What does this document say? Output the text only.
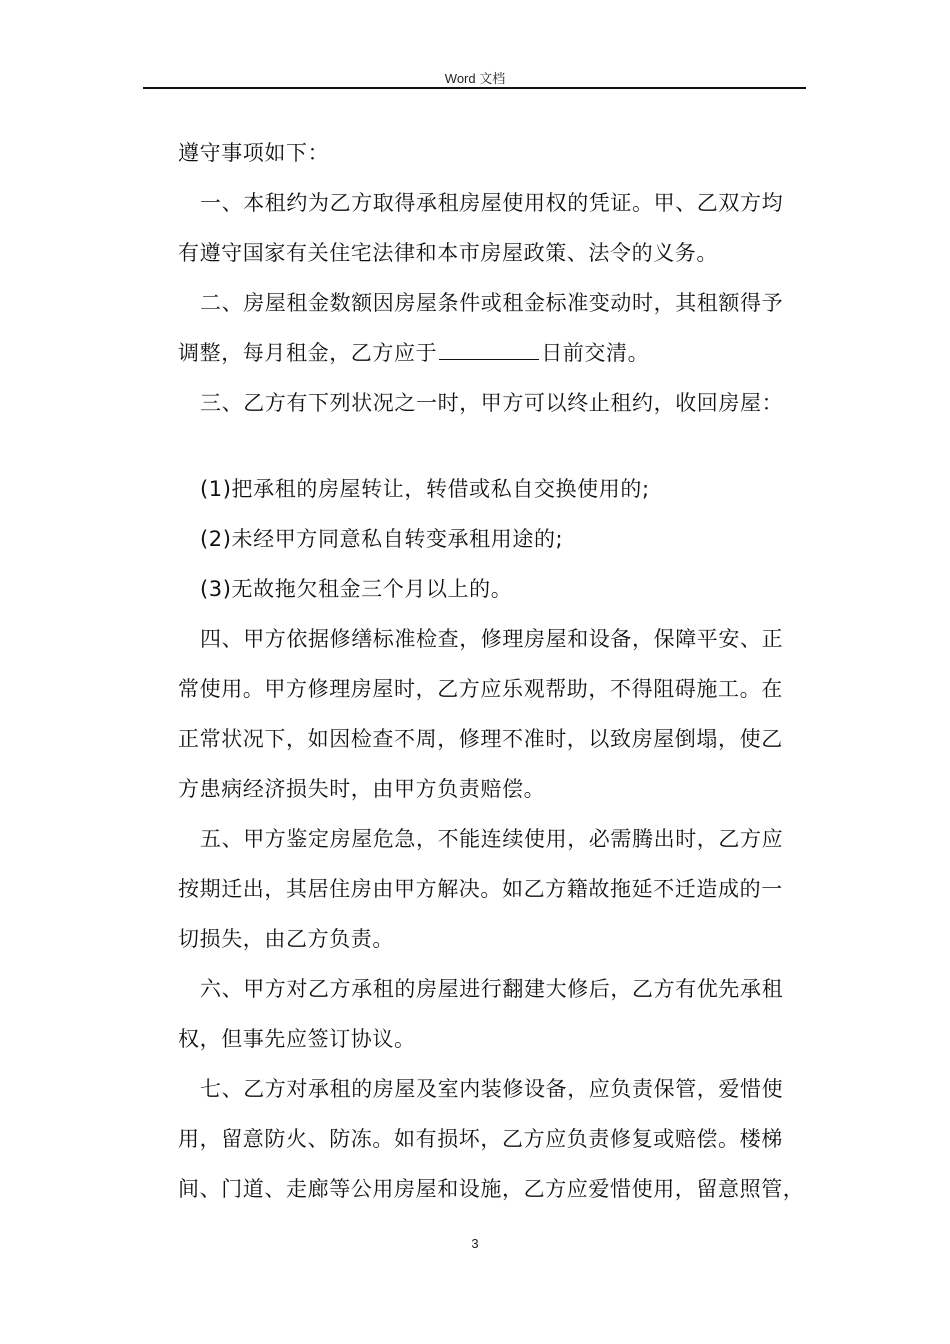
Word 文档
遵守事项如下：
一、本租约为乙方取得承租房屋使用权的凭证。甲、乙双方均
有遵守国家有关住宅法律和本市房屋政策、法令的义务。
二、房屋租金数额因房屋条件或租金标准变动时，其租额得予
调整，每月租金，乙方应于	日前交清。
三、乙方有下列状况之一时，甲方可以终止租约，收回房屋：
(1)把承租的房屋转让，转借或私自交换使用的;
(2)未经甲方同意私自转变承租用途的;
(3)无故拖欠租金三个月以上的。
四、甲方依据修缮标准检查，修理房屋和设备，保障平安、正
常使用。甲方修理房屋时，乙方应乐观帮助，不得阻碍施工。在
正常状况下，如因检查不周，修理不准时，以致房屋倒塌，使乙
方患病经济损失时，由甲方负责赔偿。
五、甲方鉴定房屋危急，不能连续使用，必需腾出时，乙方应
按期迁出，其居住房由甲方解决。如乙方籍故拖延不迁造成的一
切损失，由乙方负责。
六、甲方对乙方承租的房屋进行翻建大修后，乙方有优先承租
权，但事先应签订协议。
七、乙方对承租的房屋及室内装修设备，应负责保管，爱惜使
用，留意防火、防冻。如有损坏，乙方应负责修复或赔偿。楼梯
间、门道、走廊等公用房屋和设施，乙方应爱惜使用，留意照管，
3
